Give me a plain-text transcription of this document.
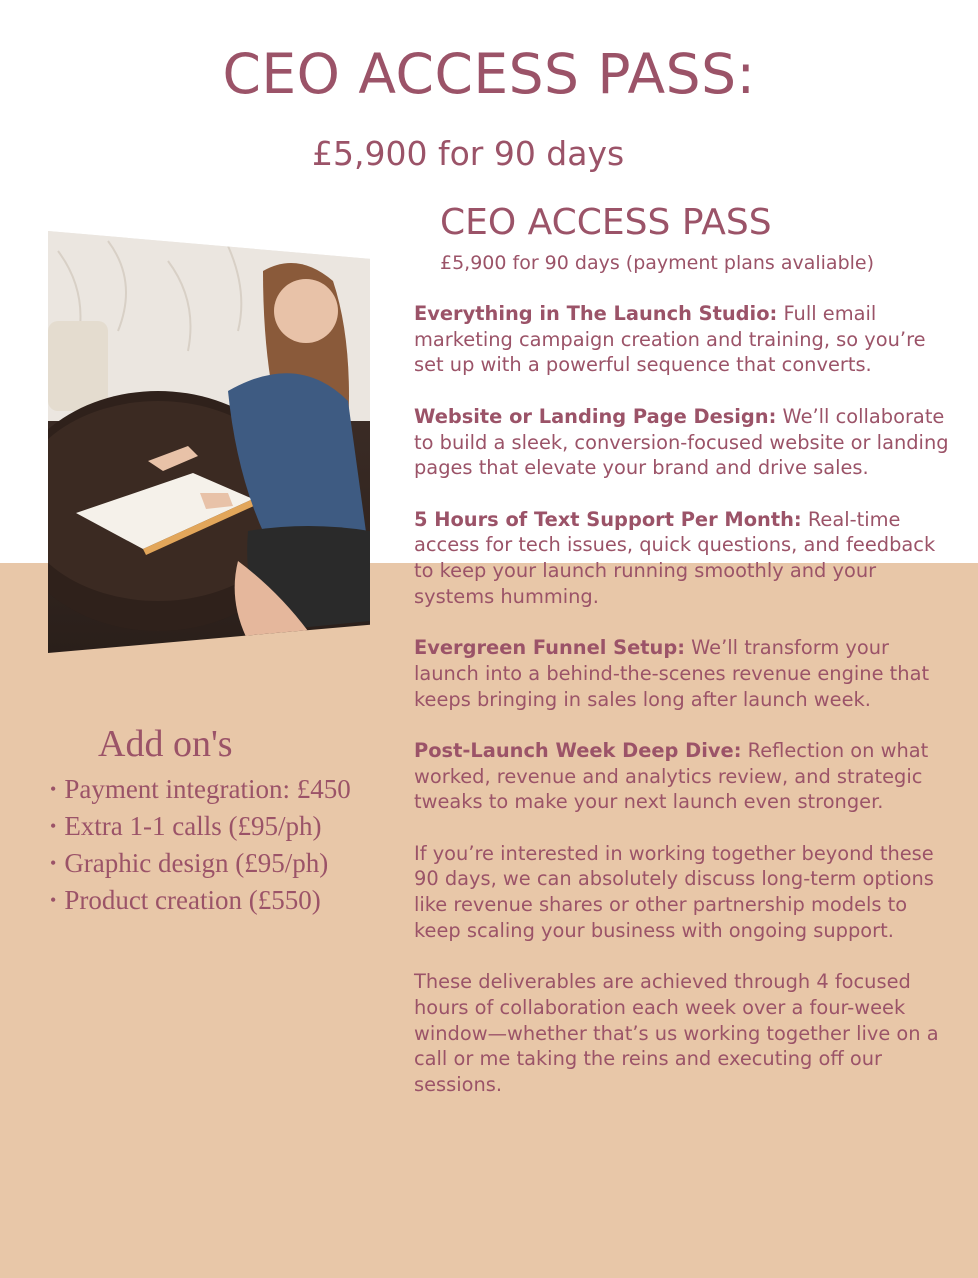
CEO ACCESS PASS:
£5,900 for 90 days
CEO ACCESS PASS
£5,900 for 90 days (payment plans avaliable)

Everything in The Launch Studio: Full email marketing campaign creation and training, so you’re set up with a powerful sequence that converts.

Website or Landing Page Design: We’ll collaborate to build a sleek, conversion-focused website or landing pages that elevate your brand and drive sales.

5 Hours of Text Support Per Month: Real-time access for tech issues, quick questions, and feedback to keep your launch running smoothly and your systems humming.

Evergreen Funnel Setup: We’ll transform your launch into a behind-the-scenes revenue engine that keeps bringing in sales long after launch week.

Post-Launch Week Deep Dive: Reflection on what worked, revenue and analytics review, and strategic tweaks to make your next launch even stronger.

If you’re interested in working together beyond these 90 days, we can absolutely discuss long-term options like revenue shares or other partnership models to keep scaling your business with ongoing support.

These deliverables are achieved through 4 focused hours of collaboration each week over a four-week window—whether that’s us working together live on a call or me taking the reins and executing off our sessions.

Add on's
• Payment integration: £450
• Extra 1-1 calls (£95/ph)
• Graphic design (£95/ph)
• Product creation (£550)
